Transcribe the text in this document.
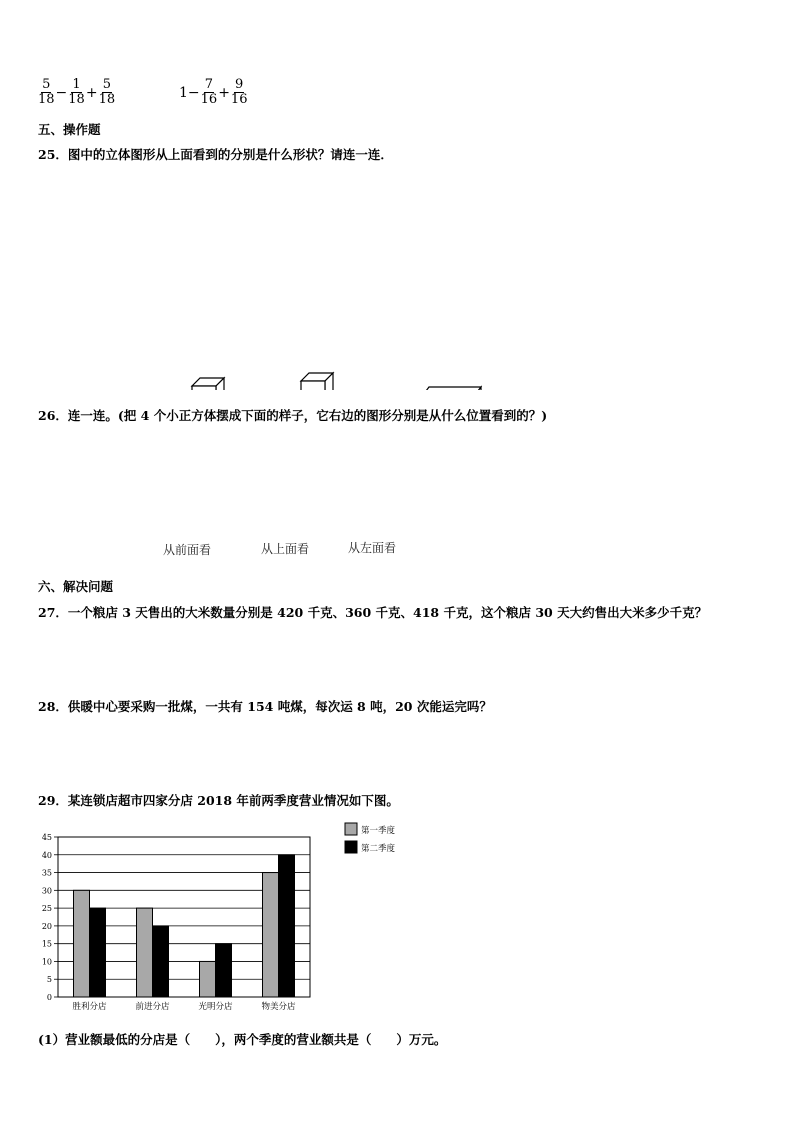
$\frac{5}{18} - \frac{1}{18} + \frac{5}{18}$	$1- \frac{7}{16} + \frac{9}{16}$
五、操作题
25．图中的立体图形从上面看到的分别是什么形状？请连一连．
26．连一连。(把 4 个小正方体摆成下面的样子，它右边的图形分别是从什么位置看到的？)
从前面看	从上面看	从左面看
六、解决问题
27．一个粮店 3 天售出的大米数量分别是 420 千克、360 千克、418 千克，这个粮店 30 天大约售出大米多少千克？
28．供暖中心要采购一批煤，一共有 154 吨煤，每次运 8 吨，20 次能运完吗？
29．某连锁店超市四家分店 2018 年前两季度营业情况如下图。
0
5
10
15
20
25
30
35
40
45
胜利分店	前进分店	光明分店	物美分店
第一季度
第二季度
(1）营业额最低的分店是（　　），两个季度的营业额共是（　　）万元。
